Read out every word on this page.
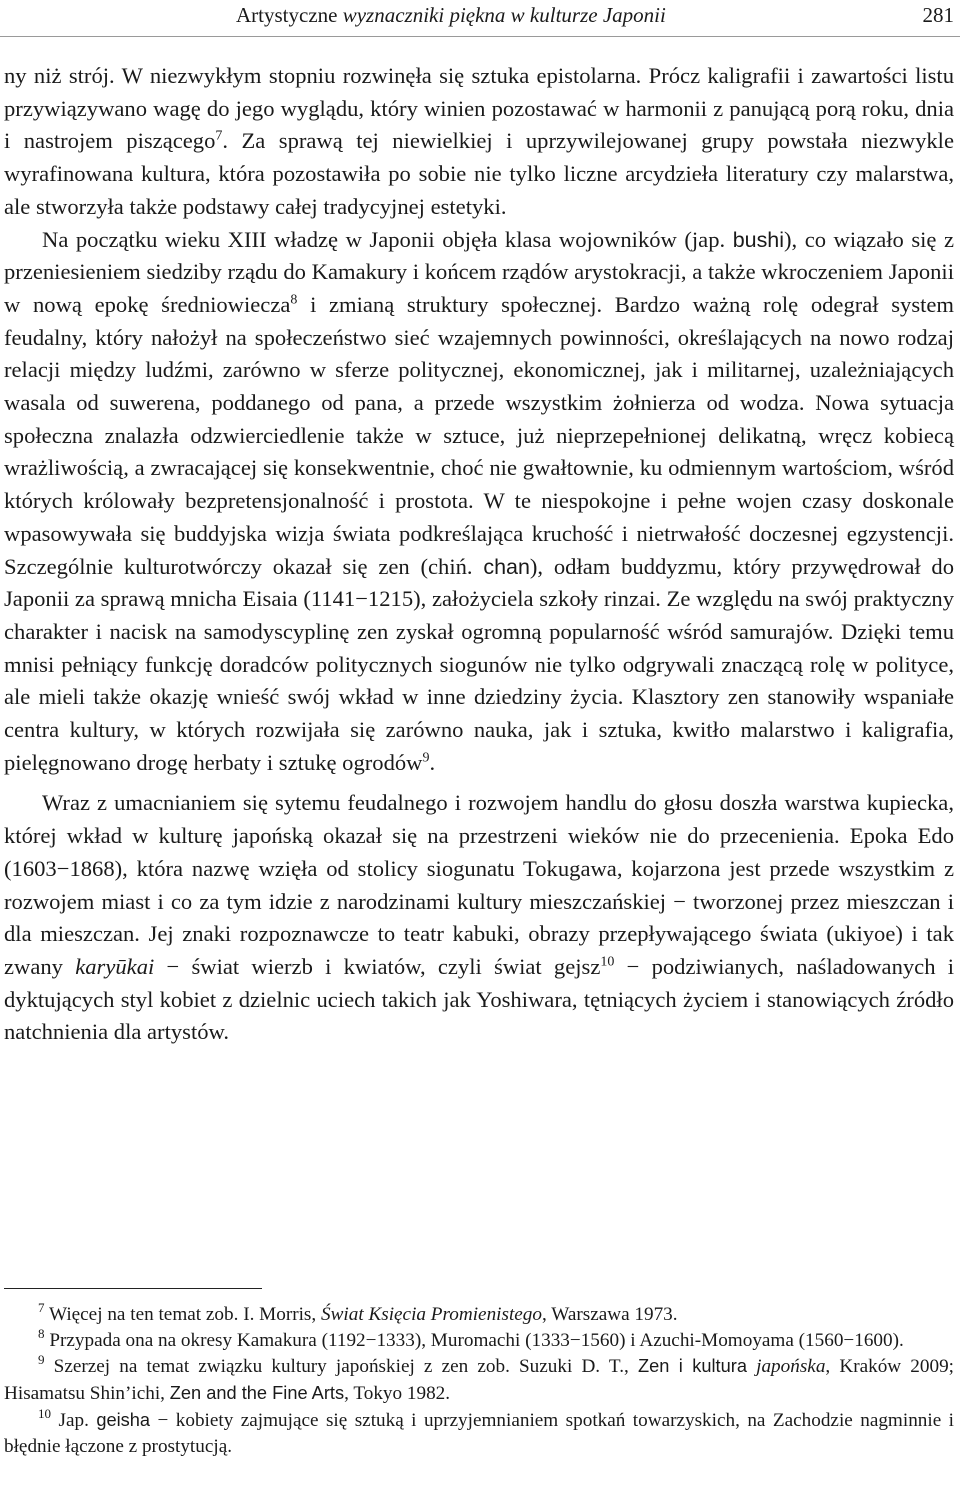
Artystyczne wyznaczniki piękna w kulturze Japonii	281

ny niż strój. W niezwykłym stopniu rozwinęła się sztuka epistolarna. Prócz kaligrafii i zawartości listu przywiązywano wagę do jego wyglądu, który winien pozostawać w harmonii z panującą porą roku, dnia i nastrojem piszącego$^7$. Za sprawą tej niewielkiej i uprzywilejowanej grupy powstała niezwykle wyrafinowana kultura, która pozostawiła po sobie nie tylko liczne arcydzieła literatury czy malarstwa, ale stworzyła także podstawy całej tradycyjnej estetyki.

Na początku wieku XIII władzę w Japonii objęła klasa wojowników (jap. bushi), co wiązało się z przeniesieniem siedziby rządu do Kamakury i końcem rządów arystokracji, a także wkroczeniem Japonii w nową epokę średniowiecza$^8$ i zmianą struktury społecznej. Bardzo ważną rolę odegrał system feudalny, który nałożył na społeczeństwo sieć wzajemnych powinności, określających na nowo rodzaj relacji między ludźmi, zarówno w sferze politycznej, ekonomicznej, jak i militarnej, uzależniających wasala od suwerena, poddanego od pana, a przede wszystkim żołnierza od wodza. Nowa sytuacja społeczna znalazła odzwierciedlenie także w sztuce, już nieprzepełnionej delikatną, wręcz kobiecą wrażliwością, a zwracającej się konsekwentnie, choć nie gwałtownie, ku odmiennym wartościom, wśród których królowały bezpretensjonalność i prostota. W te niespokojne i pełne wojen czasy doskonale wpasowywała się buddyjska wizja świata podkreślająca kruchość i nietrwałość doczesnej egzystencji. Szczególnie kulturotwórczy okazał się zen (chiń. chan), odłam buddyzmu, który przywędrował do Japonii za sprawą mnicha Eisaia (1141−1215), założyciela szkoły rinzai. Ze względu na swój praktyczny charakter i nacisk na samodyscyplinę zen zyskał ogromną popularność wśród samurajów. Dzięki temu mnisi pełniący funkcję doradców politycznych siogunów nie tylko odgrywali znaczącą rolę w polityce, ale mieli także okazję wnieść swój wkład w inne dziedziny życia. Klasztory zen stanowiły wspaniałe centra kultury, w których rozwijała się zarówno nauka, jak i sztuka, kwitło malarstwo i kaligrafia, pielęgnowano drogę herbaty i sztukę ogrodów$^9$.

Wraz z umacnianiem się sytemu feudalnego i rozwojem handlu do głosu doszła warstwa kupiecka, której wkład w kulturę japońską okazał się na przestrzeni wieków nie do przecenienia. Epoka Edo (1603−1868), która nazwę wzięła od stolicy siogunatu Tokugawa, kojarzona jest przede wszystkim z rozwojem miast i co za tym idzie z narodzinami kultury mieszczańskiej − tworzonej przez mieszczan i dla mieszczan. Jej znaki rozpoznawcze to teatr kabuki, obrazy przepływającego świata (ukiyoe) i tak zwany karyūkai − świat wierzb i kwiatów, czyli świat gejsz$^{10}$ − podziwianych, naśladowanych i dyktujących styl kobiet z dzielnic uciech takich jak Yoshiwara, tętniących życiem i stanowiących źródło natchnienia dla artystów.

$^7$ Więcej na ten temat zob. I. Morris, Świat Księcia Promienistego, Warszawa 1973.

$^8$ Przypada ona na okresy Kamakura (1192−1333), Muromachi (1333−1560) i Azuchi-Momoyama (1560−1600).

$^9$ Szerzej na temat związku kultury japońskiej z zen zob. Suzuki D. T., Zen i kultura japońska, Kraków 2009; Hisamatsu Shin’ichi, Zen and the Fine Arts, Tokyo 1982.

$^{10}$ Jap. geisha − kobiety zajmujące się sztuką i uprzyjemnianiem spotkań towarzyskich, na Zachodzie nagminnie i błędnie łączone z prostytucją.
